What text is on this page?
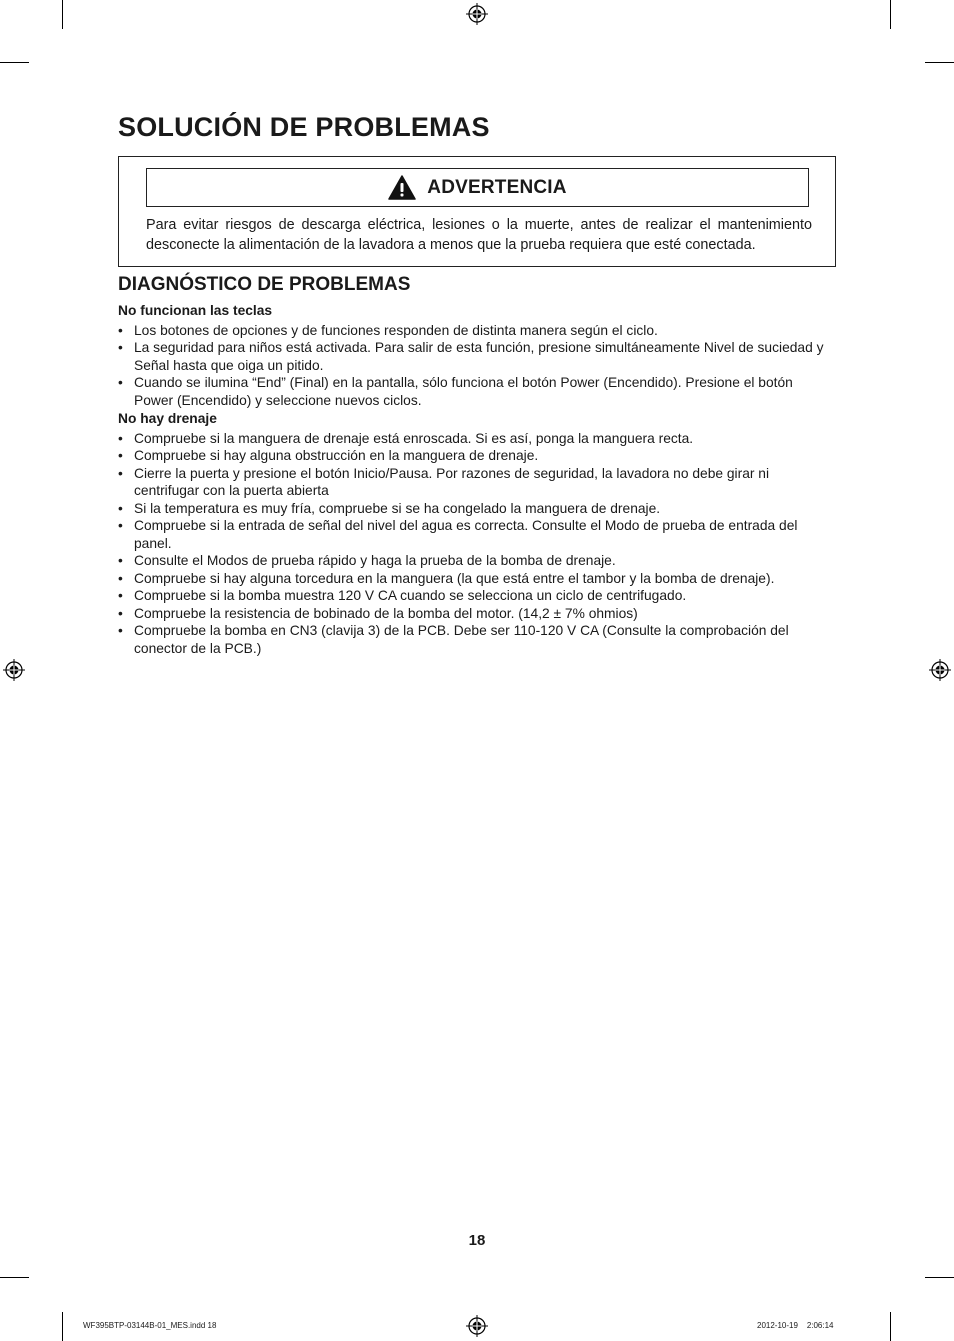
SOLUCIÓN DE PROBLEMAS
ADVERTENCIA

Para evitar riesgos de descarga eléctrica, lesiones o la muerte, antes de realizar el mantenimiento desconecte la alimentación de la lavadora a menos que la prueba requiera que esté conectada.

DIAGNÓSTICO DE PROBLEMAS

No funcionan las teclas

• Los botones de opciones y de funciones responden de distinta manera según el ciclo.
• La seguridad para niños está activada. Para salir de esta función, presione simultáneamente Nivel de suciedad y Señal hasta que oiga un pitido.
• Cuando se ilumina “End” (Final) en la pantalla, sólo funciona el botón Power (Encendido). Presione el botón Power (Encendido) y seleccione nuevos ciclos.

No hay drenaje

• Compruebe si la manguera de drenaje está enroscada. Si es así, ponga la manguera recta.
• Compruebe si hay alguna obstrucción en la manguera de drenaje.
• Cierre la puerta y presione el botón Inicio/Pausa. Por razones de seguridad, la lavadora no debe girar ni centrifugar con la puerta abierta
• Si la temperatura es muy fría, compruebe si se ha congelado la manguera de drenaje.
• Compruebe si la entrada de señal del nivel del agua es correcta. Consulte el Modo de prueba de entrada del panel.
• Consulte el Modos de prueba rápido y haga la prueba de la bomba de drenaje.
• Compruebe si hay alguna torcedura en la manguera (la que está entre el tambor y la bomba de drenaje).
• Compruebe si la bomba muestra 120 V CA cuando se selecciona un ciclo de centrifugado.
• Compruebe la resistencia de bobinado de la bomba del motor. (14,2 ± 7% ohmios)
• Compruebe la bomba en CN3 (clavija 3) de la PCB. Debe ser 110-120 V CA (Consulte la comprobación del conector de la PCB.)
18
WF395BTP-03144B-01_MES.indd 18	2012-10-19    2:06:14
